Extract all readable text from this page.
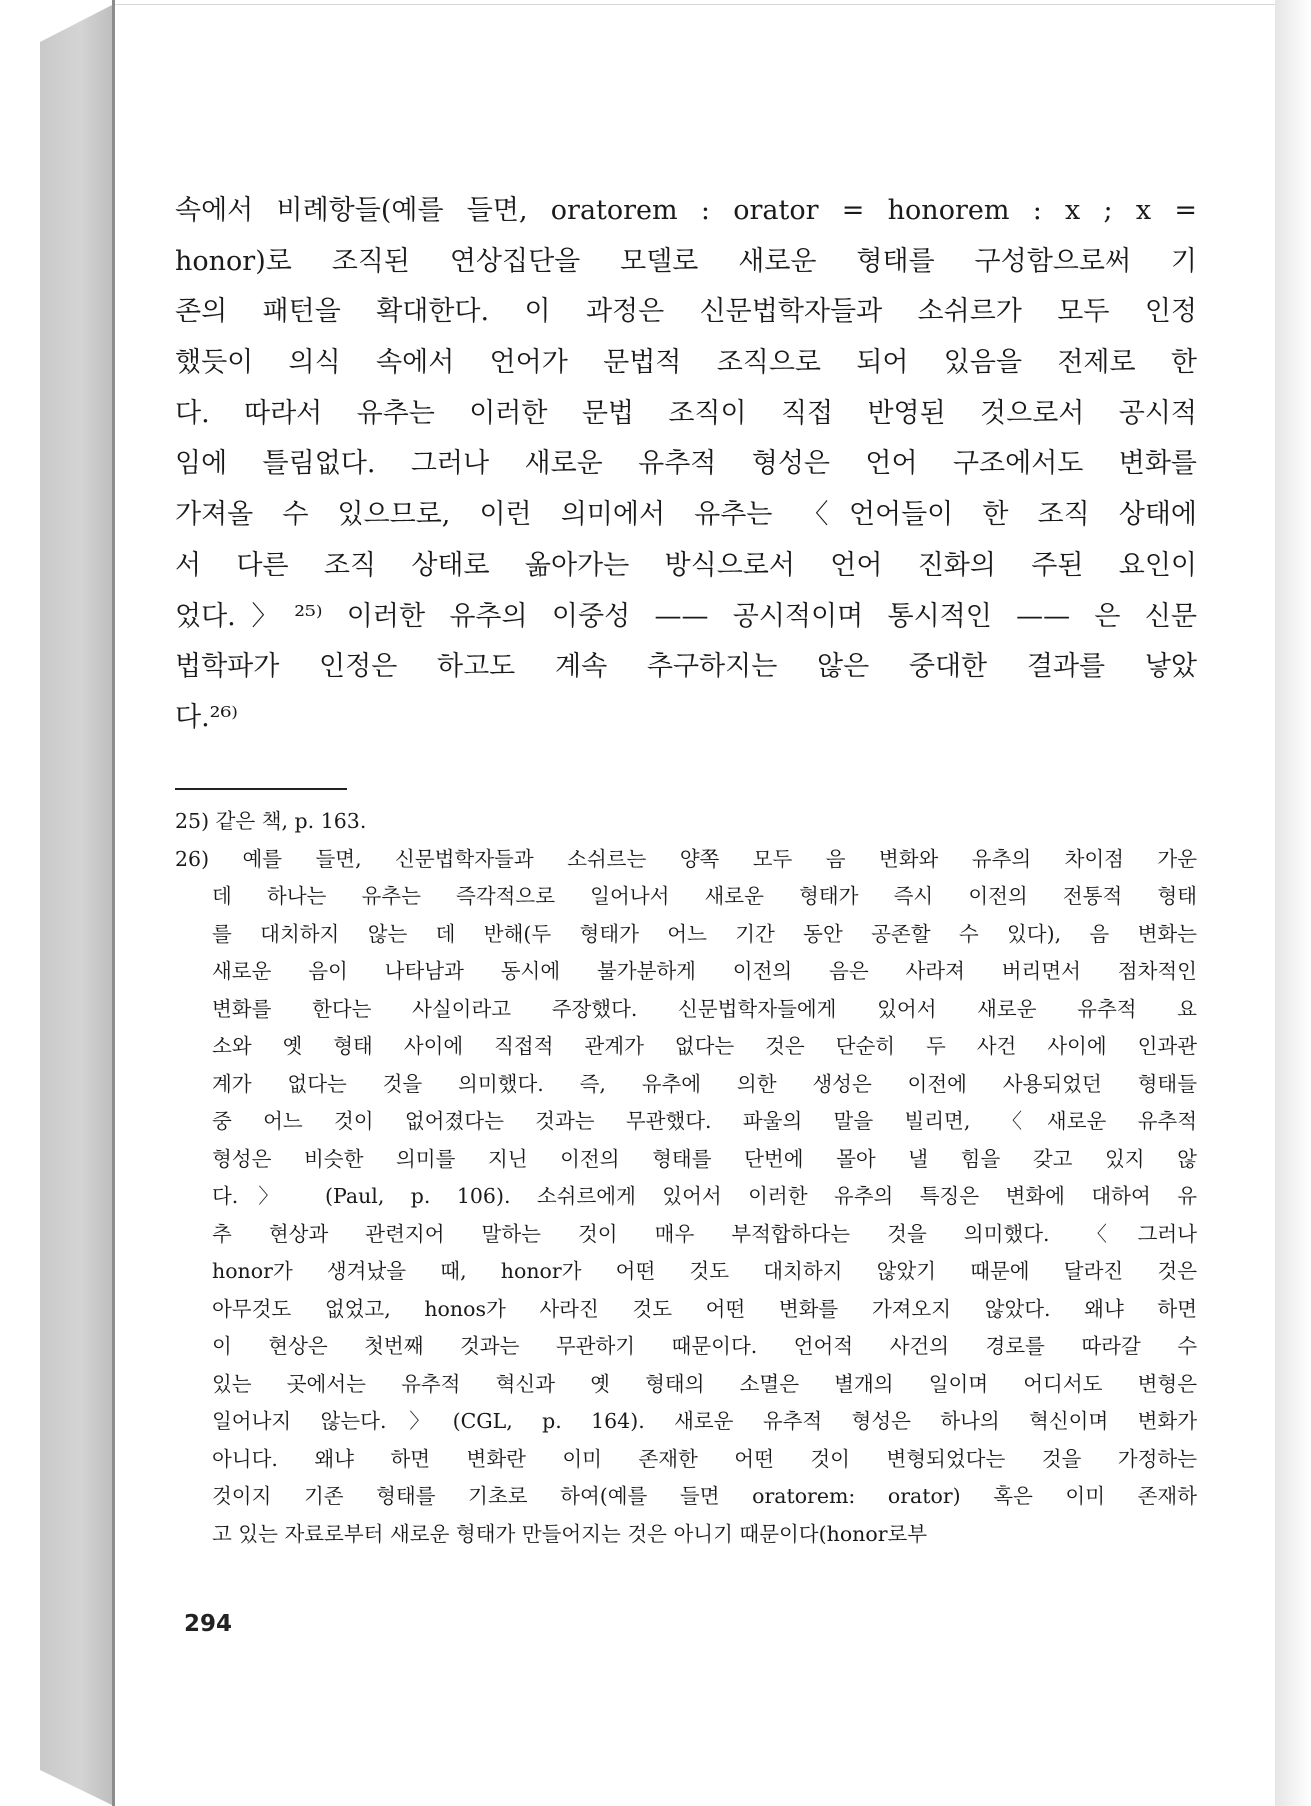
속에서 비례항들(예를 들면, oratorem : orator = honorem : x ; x =
honor)로 조직된 연상집단을 모델로 새로운 형태를 구성함으로써 기
존의 패턴을 확대한다. 이 과정은 신문법학자들과 소쉬르가 모두 인정
했듯이 의식 속에서 언어가 문법적 조직으로 되어 있음을 전제로 한
다. 따라서 유추는 이러한 문법 조직이 직접 반영된 것으로서 공시적
임에 틀림없다. 그러나 새로운 유추적 형성은 언어 구조에서도 변화를
가져올 수 있으므로, 이런 의미에서 유추는 〈언어들이 한 조직 상태에
서 다른 조직 상태로 옮아가는 방식으로서 언어 진화의 주된 요인이
었다.〉²⁵⁾ 이러한 유추의 이중성 —— 공시적이며 통시적인 —— 은 신문
법학파가 인정은 하고도 계속 추구하지는 않은 중대한 결과를 낳았
다.²⁶⁾
25) 같은 책, p. 163.
26) 예를 들면, 신문법학자들과 소쉬르는 양쪽 모두 음 변화와 유추의 차이점 가운
데 하나는 유추는 즉각적으로 일어나서 새로운 형태가 즉시 이전의 전통적 형태
를 대치하지 않는 데 반해(두 형태가 어느 기간 동안 공존할 수 있다), 음 변화는
새로운 음이 나타남과 동시에 불가분하게 이전의 음은 사라져 버리면서 점차적인
변화를 한다는 사실이라고 주장했다. 신문법학자들에게 있어서 새로운 유추적 요
소와 옛 형태 사이에 직접적 관계가 없다는 것은 단순히 두 사건 사이에 인과관
계가 없다는 것을 의미했다. 즉, 유추에 의한 생성은 이전에 사용되었던 형태들
중 어느 것이 없어졌다는 것과는 무관했다. 파울의 말을 빌리면, 〈새로운 유추적
형성은 비슷한 의미를 지닌 이전의 형태를 단번에 몰아 낼 힘을 갖고 있지 않
다.〉 (Paul, p. 106). 소쉬르에게 있어서 이러한 유추의 특징은 변화에 대하여 유
추 현상과 관련지어 말하는 것이 매우 부적합하다는 것을 의미했다. 〈그러나
honor가 생겨났을 때, honor가 어떤 것도 대치하지 않았기 때문에 달라진 것은
아무것도 없었고, honos가 사라진 것도 어떤 변화를 가져오지 않았다. 왜냐 하면
이 현상은 첫번째 것과는 무관하기 때문이다. 언어적 사건의 경로를 따라갈 수
있는 곳에서는 유추적 혁신과 옛 형태의 소멸은 별개의 일이며 어디서도 변형은
일어나지 않는다.〉(CGL, p. 164). 새로운 유추적 형성은 하나의 혁신이며 변화가
아니다. 왜냐 하면 변화란 이미 존재한 어떤 것이 변형되었다는 것을 가정하는
것이지 기존 형태를 기초로 하여(예를 들면 oratorem: orator) 혹은 이미 존재하
고 있는 자료로부터 새로운 형태가 만들어지는 것은 아니기 때문이다(honor로부
294
